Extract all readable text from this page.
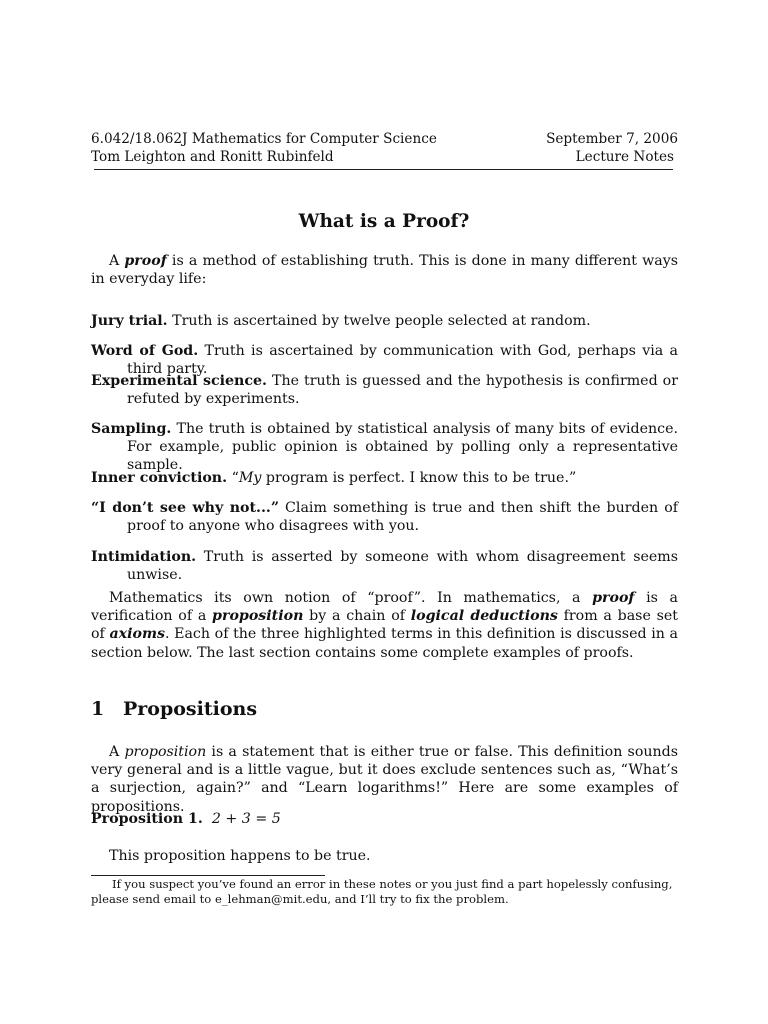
6.042/18.062J Mathematics for Computer Science	September 7, 2006
Tom Leighton and Ronitt Rubinfeld	Lecture Notes
What is a Proof?

A proof is a method of establishing truth. This is done in many different ways in everyday life:

Jury trial. Truth is ascertained by twelve people selected at random.

Word of God. Truth is ascertained by communication with God, perhaps via a third party.

Experimental science. The truth is guessed and the hypothesis is confirmed or refuted by experiments.

Sampling. The truth is obtained by statistical analysis of many bits of evidence. For example, public opinion is obtained by polling only a representative sample.

Inner conviction. “My program is perfect. I know this to be true.”

“I don’t see why not...” Claim something is true and then shift the burden of proof to anyone who disagrees with you.

Intimidation. Truth is asserted by someone with whom disagreement seems unwise.

Mathematics its own notion of “proof”. In mathematics, a proof is a verification of a proposition by a chain of logical deductions from a base set of axioms. Each of the three highlighted terms in this definition is discussed in a section below. The last section contains some complete examples of proofs.

1 Propositions

A proposition is a statement that is either true or false. This definition sounds very general and is a little vague, but it does exclude sentences such as, “What’s a surjection, again?” and “Learn logarithms!” Here are some examples of propositions.

Proposition 1. 2 + 3 = 5

This proposition happens to be true.

If you suspect you’ve found an error in these notes or you just find a part hopelessly confusing, please send email to e_lehman@mit.edu, and I’ll try to fix the problem.
